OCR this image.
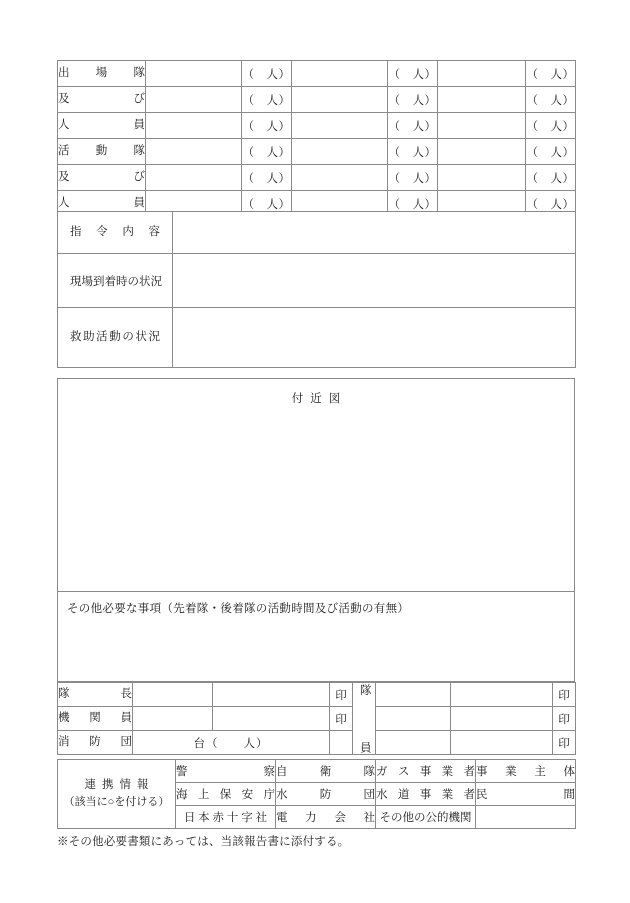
出　場　隊		（　人）		（　人）		（　人）
及　　　び		（　人）		（　人）		（　人）
人　　　員		（　人）		（　人）		（　人）
活　動　隊		（　人）		（　人）		（　人）
及　　　び		（　人）		（　人）		（　人）
人　　　員		（　人）		（　人）		（　人）
指　令　内　容	
現場到着時の状況	
救助活動の状況	
付近図
その他必要な事項（先着隊・後着隊の活動時間及び活動の有無）
隊　　　長			印	隊員			印
機　関　員			印				印
消　防　団	台（　　人）						印
連携情報
（該当に○を付ける）	警　　　　　察	自　　衛　　隊	ガ ス 事 業 者	事　業　主　体
	海 上 保 安 庁	水　　防　　団	水 道 事 業 者	民　　　　　間
	日 本 赤 十 字 社	電　力　会　社	その他の公的機関	
※その他必要書類にあっては、当該報告書に添付する。
